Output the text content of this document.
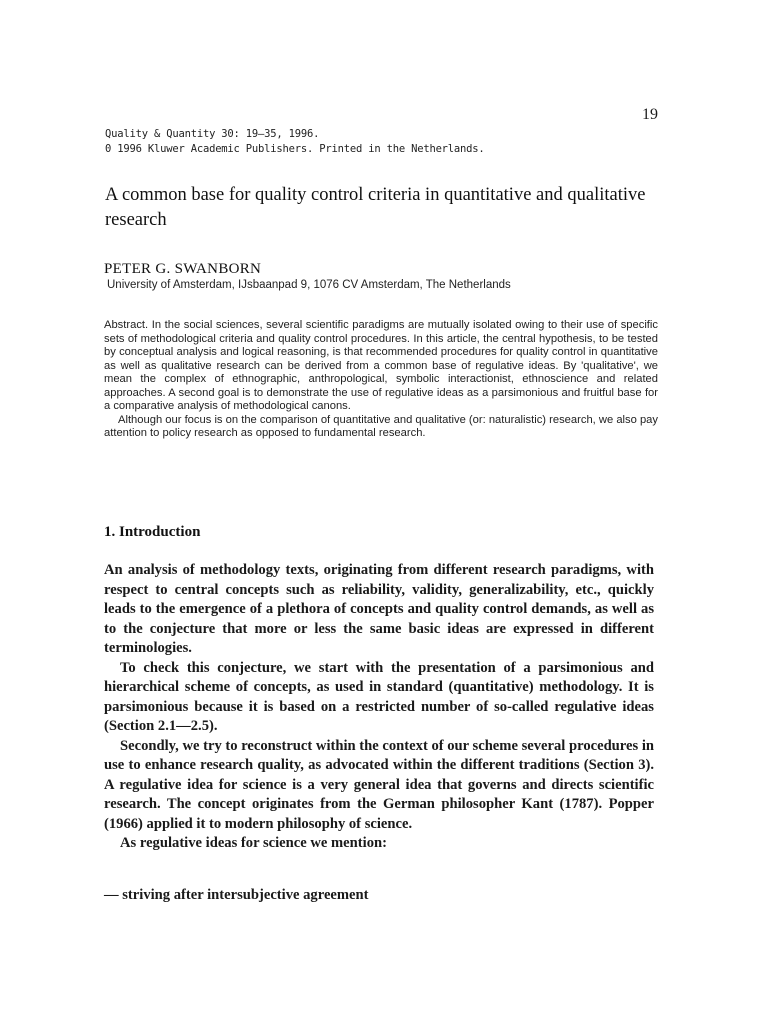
19
Quality & Quantity 30: 19—35, 1996.
0 1996 Kluwer Academic Publishers. Printed in the Netherlands.
A common base for quality control criteria in quantitative and qualitative research
PETER G. SWANBORN
University of Amsterdam, IJsbaanpad 9, 1076 CV Amsterdam, The Netherlands

Abstract. In the social sciences, several scientific paradigms are mutually isolated owing to their use of specific sets of methodological criteria and quality control procedures. In this article, the central hypothesis, to be tested by conceptual analysis and logical reasoning, is that recommended procedures for quality control in quantitative as well as qualitative research can be derived from a common base of regulative ideas. By 'qualitative', we mean the complex of ethnographic, anthropological, symbolic interactionist, ethnoscience and related approaches. A second goal is to demonstrate the use of regulative ideas as a parsimonious and fruitful base for a comparative analysis of methodological canons.

Although our focus is on the comparison of quantitative and qualitative (or: naturalistic) research, we also pay attention to policy research as opposed to fundamental research.

1. Introduction

An analysis of methodology texts, originating from different research paradigms, with respect to central concepts such as reliability, validity, generalizability, etc., quickly leads to the emergence of a plethora of concepts and quality control demands, as well as to the conjecture that more or less the same basic ideas are expressed in different terminologies.

To check this conjecture, we start with the presentation of a parsimonious and hierarchical scheme of concepts, as used in standard (quantitative) methodology. It is parsimonious because it is based on a restricted number of so-called regulative ideas (Section 2.1—2.5).

Secondly, we try to reconstruct within the context of our scheme several procedures in use to enhance research quality, as advocated within the different traditions (Section 3). A regulative idea for science is a very general idea that governs and directs scientific research. The concept originates from the German philosopher Kant (1787). Popper (1966) applied it to modern philosophy of science.

As regulative ideas for science we mention:

— striving after intersubjective agreement
